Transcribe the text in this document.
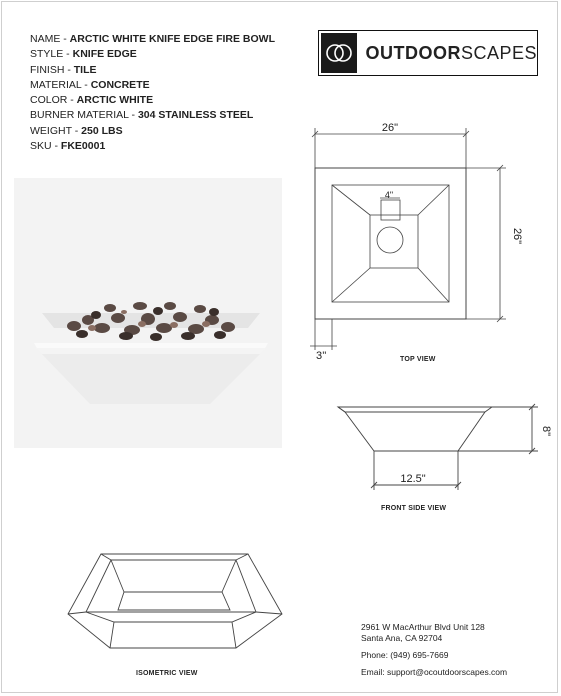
NAME - ARCTIC WHITE KNIFE EDGE FIRE BOWL
STYLE - KNIFE EDGE
FINISH - TILE
MATERIAL - CONCRETE
COLOR - ARCTIC WHITE
BURNER MATERIAL - 304 STAINLESS STEEL
WEIGHT - 250 LBS
SKU - FKE0001
OUTDOORSCAPES
26"
4"
26"
TOP VIEW
3"
8"
12.5"
FRONT SIDE VIEW
ISOMETRIC VIEW
2961 W MacArthur Blvd Unit 128
Santa Ana, CA 92704
Phone: (949) 695-7669
Email: support@ocoutdoorscapes.com
